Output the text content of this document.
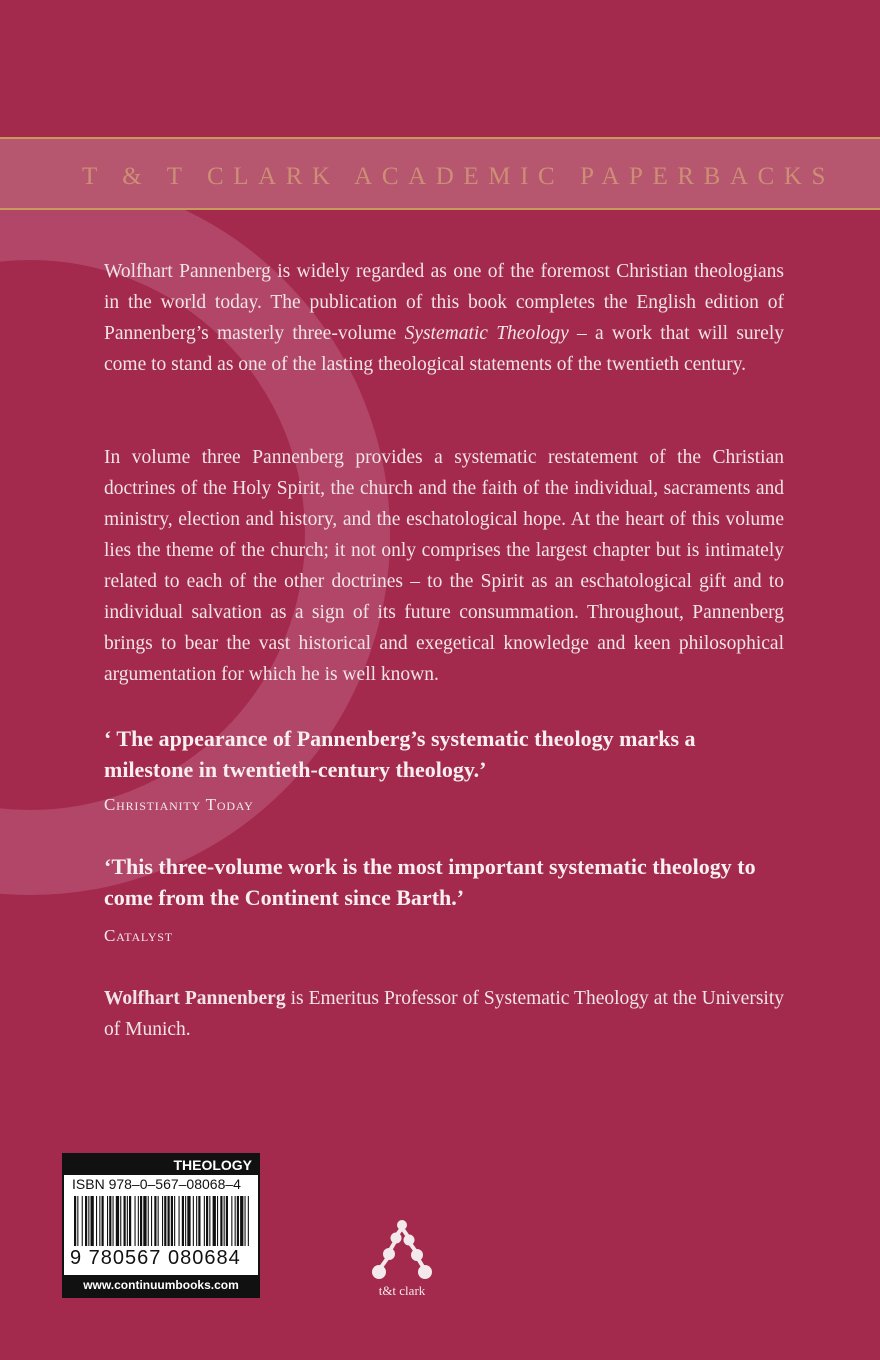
T & T CLARK ACADEMIC PAPERBACKS

Wolfhart Pannenberg is widely regarded as one of the foremost Christian theologians in the world today. The publication of this book completes the English edition of Pannenberg’s masterly three-volume Systematic Theology – a work that will surely come to stand as one of the lasting theological statements of the twentieth century.

In volume three Pannenberg provides a systematic restatement of the Christian doctrines of the Holy Spirit, the church and the faith of the individual, sacraments and ministry, election and history, and the eschatological hope. At the heart of this volume lies the theme of the church; it not only comprises the largest chapter but is intimately related to each of the other doctrines – to the Spirit as an eschatological gift and to individual salvation as a sign of its future consummation. Throughout, Pannenberg brings to bear the vast historical and exegetical knowledge and keen philosophical argumentation for which he is well known.

‘ The appearance of Pannenberg’s systematic theology marks a milestone in twentieth-century theology.’

Christianity Today

‘This three-volume work is the most important systematic theology to come from the Continent since Barth.’

Catalyst

Wolfhart Pannenberg is Emeritus Professor of Systematic Theology at the University of Munich.

THEOLOGY
ISBN 978–0–567–08068–4
9 780567 080684
www.continuumbooks.com	t&t clark
